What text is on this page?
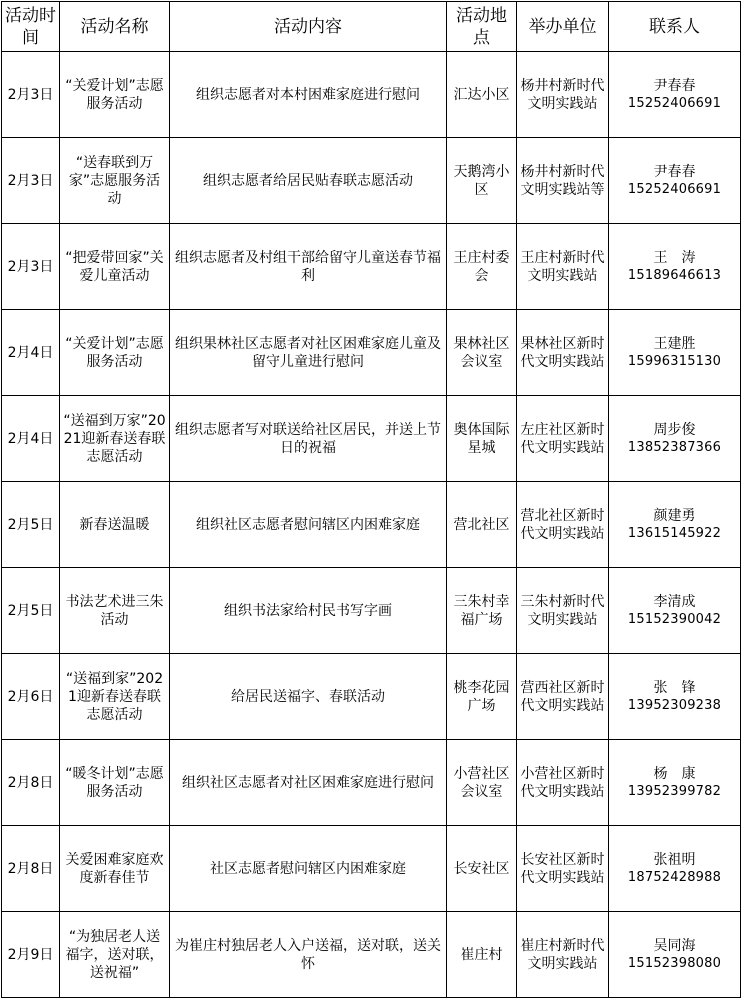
活动时间	活动名称	活动内容	活动地点	举办单位	联系人
2月3日	“关爱计划”志愿服务活动	组织志愿者对本村困难家庭进行慰问	汇达小区	杨井村新时代文明实践站	尹春春
15252406691

2月3日	“送春联到万家”志愿服务活动	组织志愿者给居民贴春联志愿活动	天鹅湾小区	杨井村新时代文明实践站等	尹春春
15252406691

2月3日	“把爱带回家”关爱儿童活动	组织志愿者及村组干部给留守儿童送春节福利	王庄村委会	王庄村新时代文明实践站	王　涛
15189646613

2月4日	“关爱计划”志愿服务活动	组织果林社区志愿者对社区困难家庭儿童及留守儿童进行慰问	果林社区会议室	果林社区新时代文明实践站	王建胜
15996315130

2月4日	“送福到万家”2021迎新春送春联志愿活动	组织志愿者写对联送给社区居民，并送上节日的祝福	奥体国际星城	左庄社区新时代文明实践站	周步俊
13852387366

2月5日	新春送温暖	组织社区志愿者慰问辖区内困难家庭	营北社区	营北社区新时代文明实践站	颜建勇
13615145922

2月5日	书法艺术进三朱活动	组织书法家给村民书写字画	三朱村幸福广场	三朱村新时代文明实践站	李清成
15152390042

2月6日	“送福到家”2021迎新春送春联志愿活动	给居民送福字、春联活动	桃李花园广场	营西社区新时代文明实践站	张　锋
13952309238

2月8日	“暖冬计划”志愿服务活动	组织社区志愿者对社区困难家庭进行慰问	小营社区会议室	小营社区新时代文明实践站	杨　康
13952399782

2月8日	关爱困难家庭欢度新春佳节	社区志愿者慰问辖区内困难家庭	长安社区	长安社区新时代文明实践站	张祖明
18752428988

2月9日	“为独居老人送福字，送对联，送祝福”	为崔庄村独居老人入户送福，送对联，送关怀	崔庄村	崔庄村新时代文明实践站	吴同海
15152398080
